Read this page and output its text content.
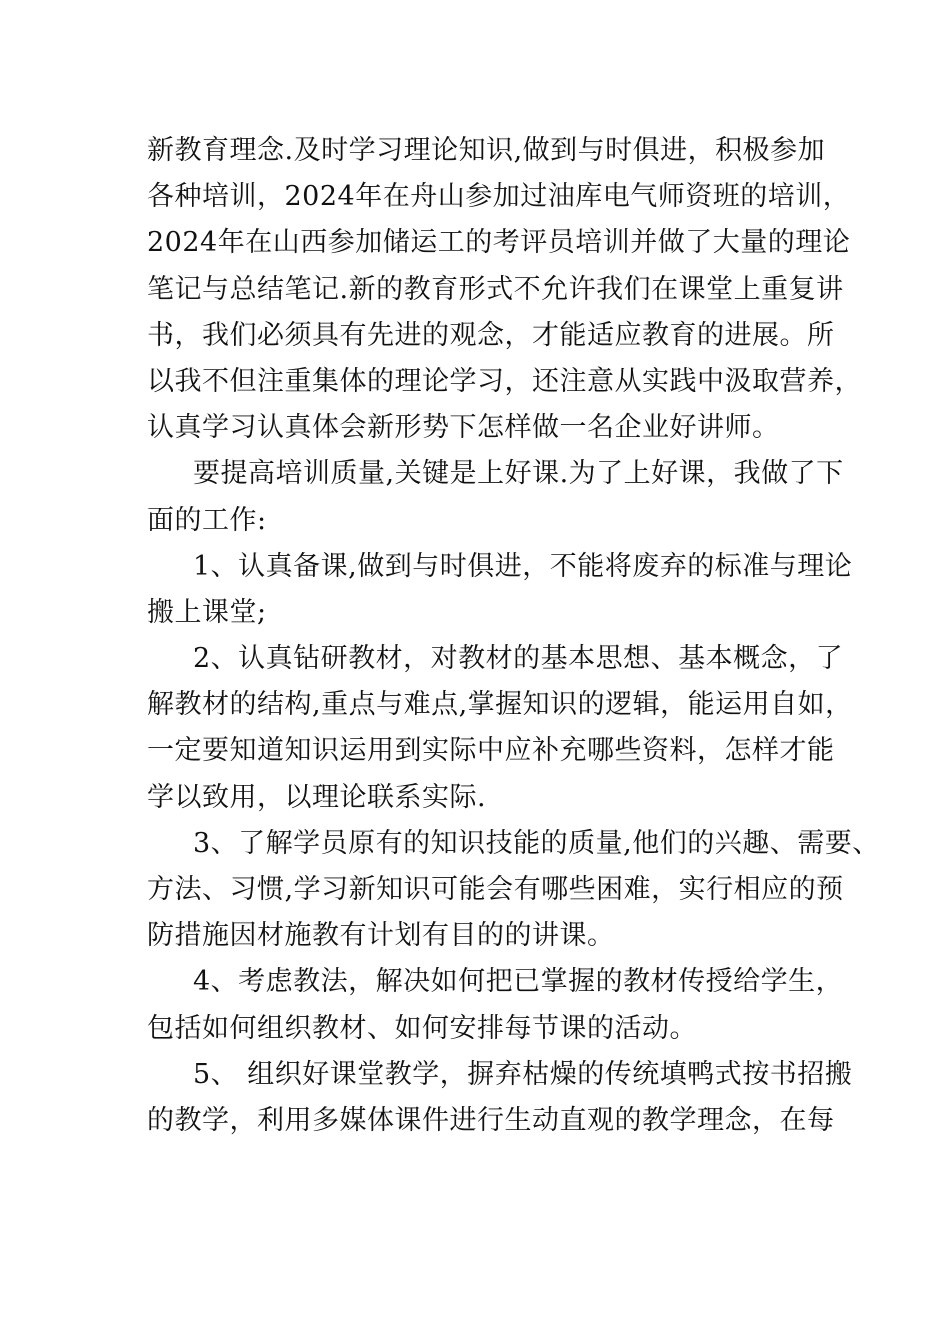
新教育理念.及时学习理论知识,做到与时俱进，积极参加
各种培训，2024年在舟山参加过油库电气师资班的培训，
2024年在山西参加储运工的考评员培训并做了大量的理论
笔记与总结笔记.新的教育形式不允许我们在课堂上重复讲
书，我们必须具有先进的观念，才能适应教育的进展。所
以我不但注重集体的理论学习，还注意从实践中汲取营养，
认真学习认真体会新形势下怎样做一名企业好讲师。
要提高培训质量,关键是上好课.为了上好课，我做了下
面的工作:
1、认真备课,做到与时俱进，不能将废弃的标准与理论
搬上课堂;
2、认真钻研教材，对教材的基本思想、基本概念，了
解教材的结构,重点与难点,掌握知识的逻辑，能运用自如，
一定要知道知识运用到实际中应补充哪些资料，怎样才能
学以致用，以理论联系实际.
3、了解学员原有的知识技能的质量,他们的兴趣、需要、
方法、习惯,学习新知识可能会有哪些困难，实行相应的预
防措施因材施教有计划有目的的讲课。
4、考虑教法，解决如何把已掌握的教材传授给学生，
包括如何组织教材、如何安排每节课的活动。
5、 组织好课堂教学，摒弃枯燥的传统填鸭式按书招搬
的教学，利用多媒体课件进行生动直观的教学理念，在每
